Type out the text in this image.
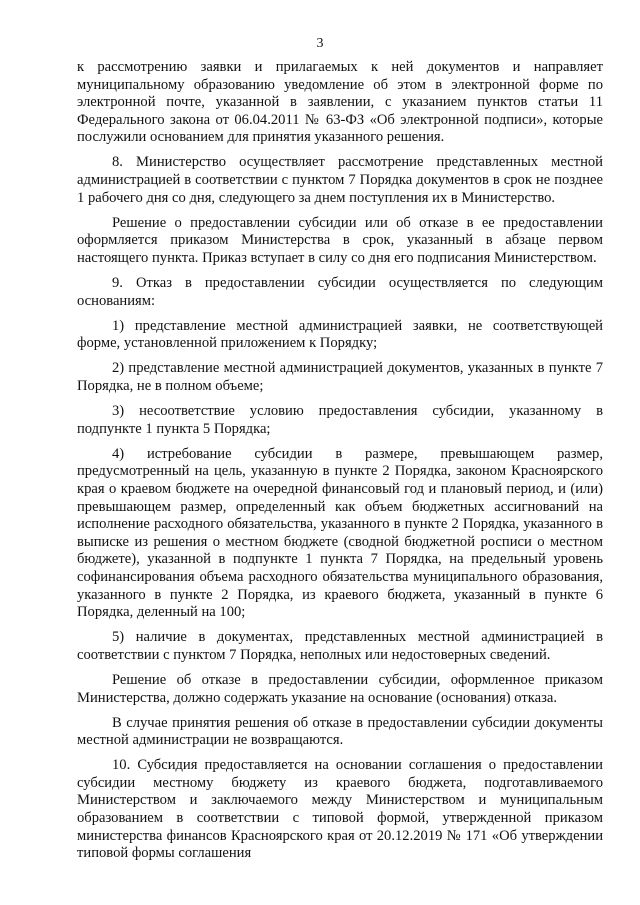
3

к рассмотрению заявки и прилагаемых к ней документов и направляет муниципальному образованию уведомление об этом в электронной форме по электронной почте, указанной в заявлении, с указанием пунктов статьи 11 Федерального закона от 06.04.2011 № 63-ФЗ «Об электронной подписи», которые послужили основанием для принятия указанного решения.

8. Министерство осуществляет рассмотрение представленных местной администрацией в соответствии с пунктом 7 Порядка документов в срок не позднее 1 рабочего дня со дня, следующего за днем поступления их в Министерство.

Решение о предоставлении субсидии или об отказе в ее предоставлении оформляется приказом Министерства в срок, указанный в абзаце первом настоящего пункта. Приказ вступает в силу со дня его подписания Министерством.

9. Отказ в предоставлении субсидии осуществляется по следующим основаниям:

1) представление местной администрацией заявки, не соответствующей форме, установленной приложением к Порядку;

2) представление местной администрацией документов, указанных в пункте 7 Порядка, не в полном объеме;

3) несоответствие условию предоставления субсидии, указанному в подпункте 1 пункта 5 Порядка;

4) истребование субсидии в размере, превышающем размер, предусмотренный на цель, указанную в пункте 2 Порядка, законом Красноярского края о краевом бюджете на очередной финансовый год и плановый период, и (или) превышающем размер, определенный как объем бюджетных ассигнований на исполнение расходного обязательства, указанного в пункте 2 Порядка, указанного в выписке из решения о местном бюджете (сводной бюджетной росписи о местном бюджете), указанной в подпункте 1 пункта 7 Порядка, на предельный уровень софинансирования объема расходного обязательства муниципального образования, указанного в пункте 2 Порядка, из краевого бюджета, указанный в пункте 6 Порядка, деленный на 100;

5) наличие в документах, представленных местной администрацией в соответствии с пунктом 7 Порядка, неполных или недостоверных сведений.

Решение об отказе в предоставлении субсидии, оформленное приказом Министерства, должно содержать указание на основание (основания) отказа.

В случае принятия решения об отказе в предоставлении субсидии документы местной администрации не возвращаются.

10. Субсидия предоставляется на основании соглашения о предоставлении субсидии местному бюджету из краевого бюджета, подготавливаемого Министерством и заключаемого между Министерством и муниципальным образованием в соответствии с типовой формой, утвержденной приказом министерства финансов Красноярского края от 20.12.2019 № 171 «Об утверждении типовой формы соглашения
